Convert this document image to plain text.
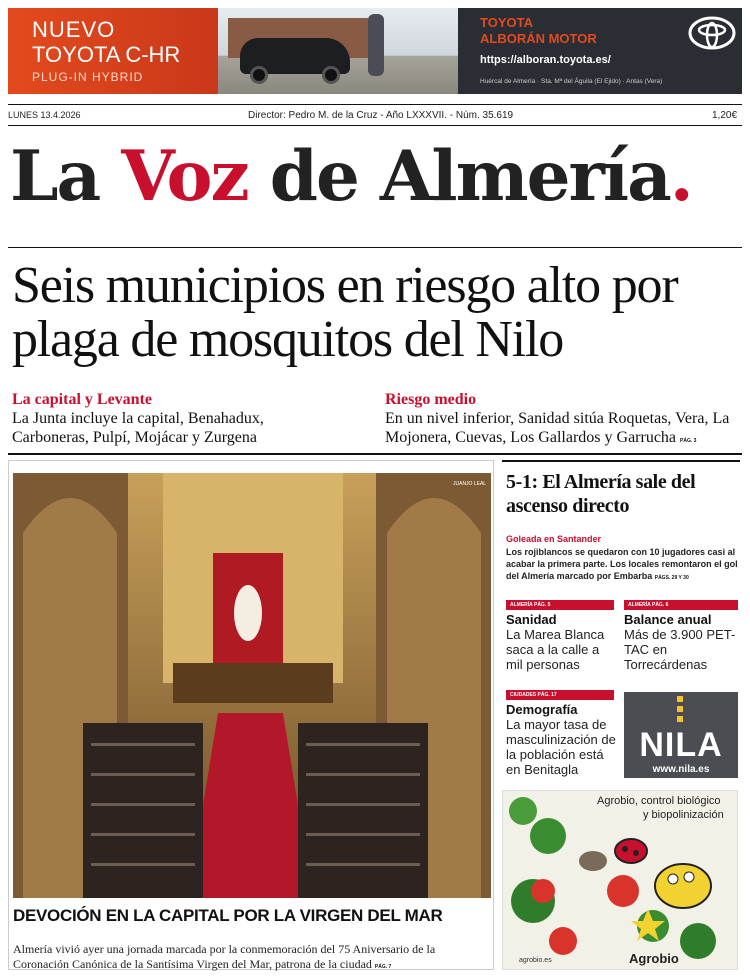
NUEVO
TOYOTA C-HR
PLUG-IN HYBRID
TOYOTA
ALBORÁN MOTOR
https://alboran.toyota.es/
Huércal de Almería · Sta. Mª del Águila (El Ejido) · Antas (Vera)
LUNES 13.4.2026	Director: Pedro M. de la Cruz - Año LXXXVII. - Núm. 35.619	1,20€
La Voz de Almería.
Seis municipios en riesgo alto por plaga de mosquitos del Nilo
La capital y Levante
La Junta incluye la capital, Benahadux, Carboneras, Pulpí, Mojácar y Zurgena
Riesgo medio
En un nivel inferior, Sanidad sitúa Roquetas, Vera, La Mojonera, Cuevas, Los Gallardos y Garrucha PÁG. 3
JUANJO LEAL
DEVOCIÓN EN LA CAPITAL POR LA VIRGEN DEL MAR
Almería vivió ayer una jornada marcada por la conmemoración del 75 Aniversario de la Coronación Canónica de la Santísima Virgen del Mar, patrona de la ciudad PÁG. 7
5-1: El Almería sale del ascenso directo
Goleada en Santander
Los rojiblancos se quedaron con 10 jugadores casi al acabar la primera parte. Los locales remontaron el gol del Almería marcado por Embarba PÁGS. 29 Y 30
ALMERÍA PÁG. 5
Sanidad
La Marea Blanca saca a la calle a mil personas
ALMERÍA PÁG. 6
Balance anual
Más de 3.900 PET-TAC en Torrecárdenas
CIUDADES PÁG. 17
Demografía
La mayor tasa de masculinización de la población está en Benitagla
NILA
www.nila.es
Agrobio, control biológico
y biopolinización
agrobio.es	Agrobio
